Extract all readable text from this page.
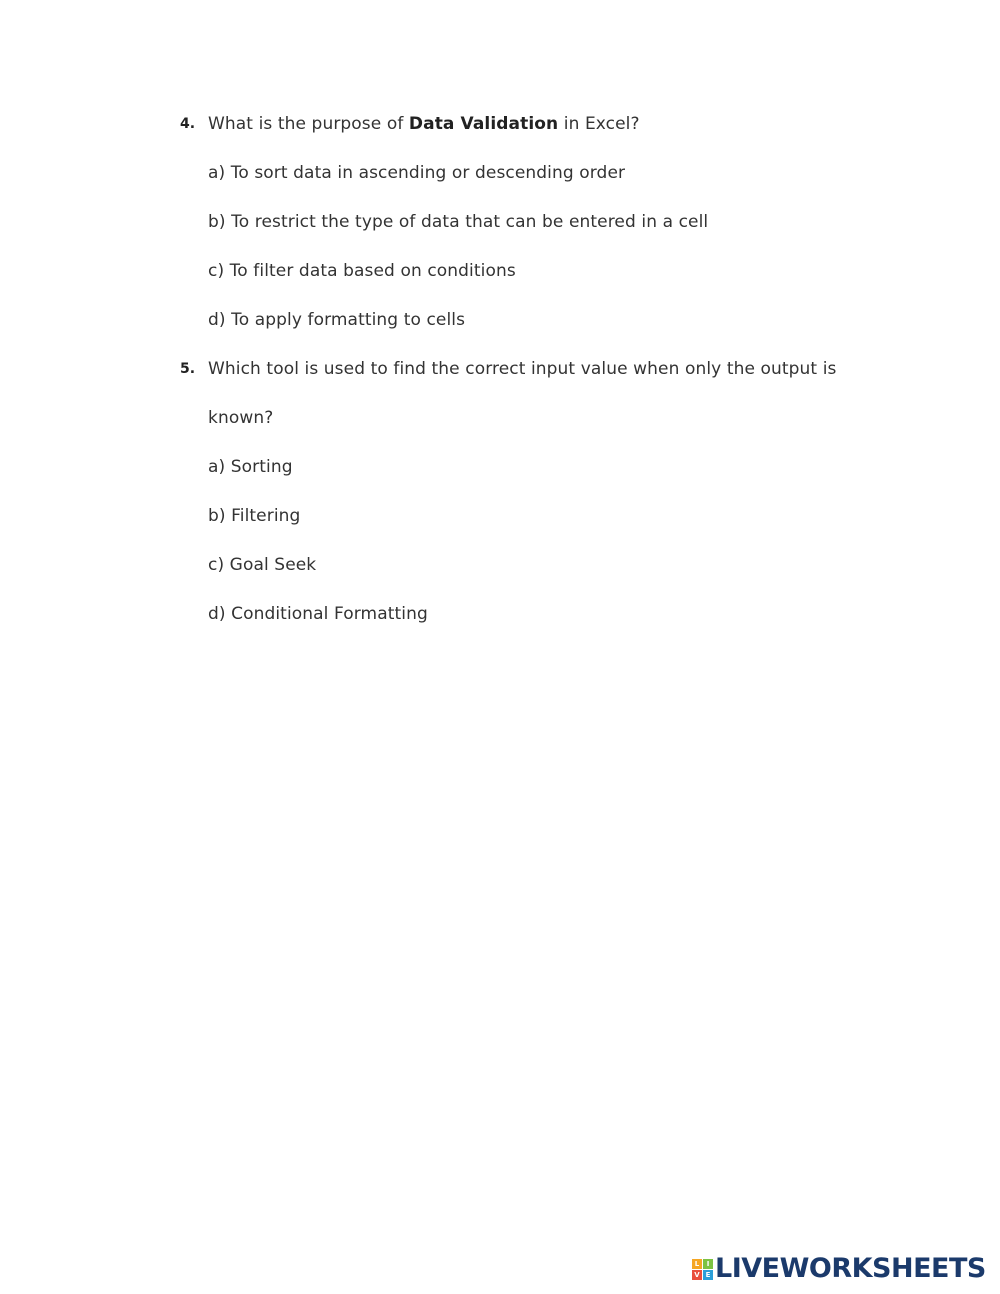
4. What is the purpose of Data Validation in Excel?
a) To sort data in ascending or descending order
b) To restrict the type of data that can be entered in a cell
c) To filter data based on conditions
d) To apply formatting to cells
5. Which tool is used to find the correct input value when only the output is
known?
a) Sorting
b) Filtering
c) Goal Seek
d) Conditional Formatting
L	I
V E LIVEWORKSHEETS
